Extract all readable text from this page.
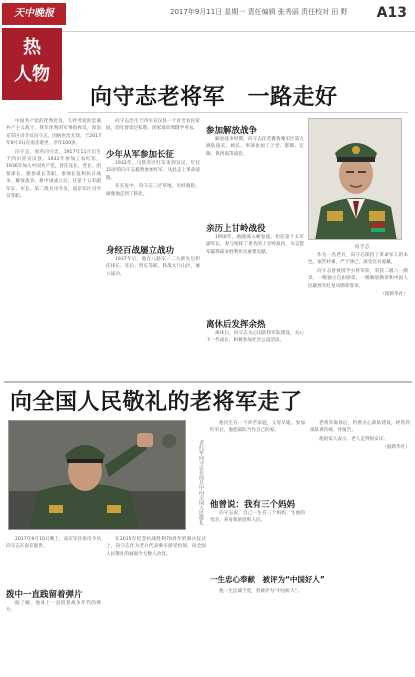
天中晚报	2017年9月11日 星期一 责任编辑 张秀丽 责任校对 田 野	A13
热
人物
向守志老将军　一路走好

中国共产党的优秀党员、久经考验的忠诚共产主义战士，我军优秀的军事指挥员，原南京军区司令员向守志，因病医治无效，于2017年9月3日在南京逝世，享年100岁。

向守志，原名向守忠，1917年11月出生于四川省宣汉县。1933年参加工农红军，1936年加入中国共产党。曾任连长、营长、团参谋长、旅参谋长等职，参加长征和抗日战争、解放战争。新中国成立后，任第十五军副军长、军长，第二炮兵司令员，南京军区司令员等职。

少年从军参加长征

向守志出生于四川宣汉县一个贫苦农民家庭，幼年曾读过私塾，因家境贫寒辍学务农。

1933年，川陕苏区红军来到宣汉，年仅15岁的向守志毅然参加红军，从此走上革命道路。

在长征中，向守志三过草地，历经艰险，顽强地走到了陕北。

身经百战屡立战功

1937年后，他在八路军一二九师先后担任排长、连长、营长等职，转战太行山区，屡立战功。

参加解放战争

解放战争时期，向守志任晋冀鲁豫军区第九纵队旅长、师长，率部参加了上党、邯郸、定陶、鲁西南等战役。

亲历上甘岭战役

1950年，他随部入朝参战，担任第十五军副军长，参与指挥了著名的上甘岭战役，为志愿军赢得战争胜利作出重要贡献。

离休后发挥余热

离休后，向守志关心国防和军队建设，关心下一代成长，积极参加社会公益活动。

向守志

作为一名老兵，向守志保持了革命军人的本色，艰苦朴素，严于律己，深受官兵爱戴。

向守志曾被授予少将军衔，荣获二级八一勋章、一级独立自由勋章、一级解放勋章和中国人民解放军红星功勋荣誉章。

（据新华社）

向全国人民敬礼的老将军走了
老红军向守志在阅兵中向全国人民敬礼

2017年9月10日晚上，南京军区原司令员向守志在南京逝世。

拨中一直践留着弹片

据了解，他身上一直留着战争年代的弹片。

在2015年纪念抗战胜利70周年的阅兵仪式上，向守志作为老兵代表乘车接受检阅，向全国人民敬礼的画面令无数人动容。

他出生在一个贫苦家庭，父母早逝。参加红军后，他把部队当作自己的家。

他曾说：我有三个妈妈

向守志说，自己一生有三个妈妈：生他的母亲、养育他的党和人民。

一生忠心奉献　被评为“中国好人”

他一生忠诚于党，曾被评为“中国好人”。

老将军离休后，仍然关心部队建设，经常到部队讲传统、作报告。

他的家人表示，老人走得很安详。

（据新华社）
